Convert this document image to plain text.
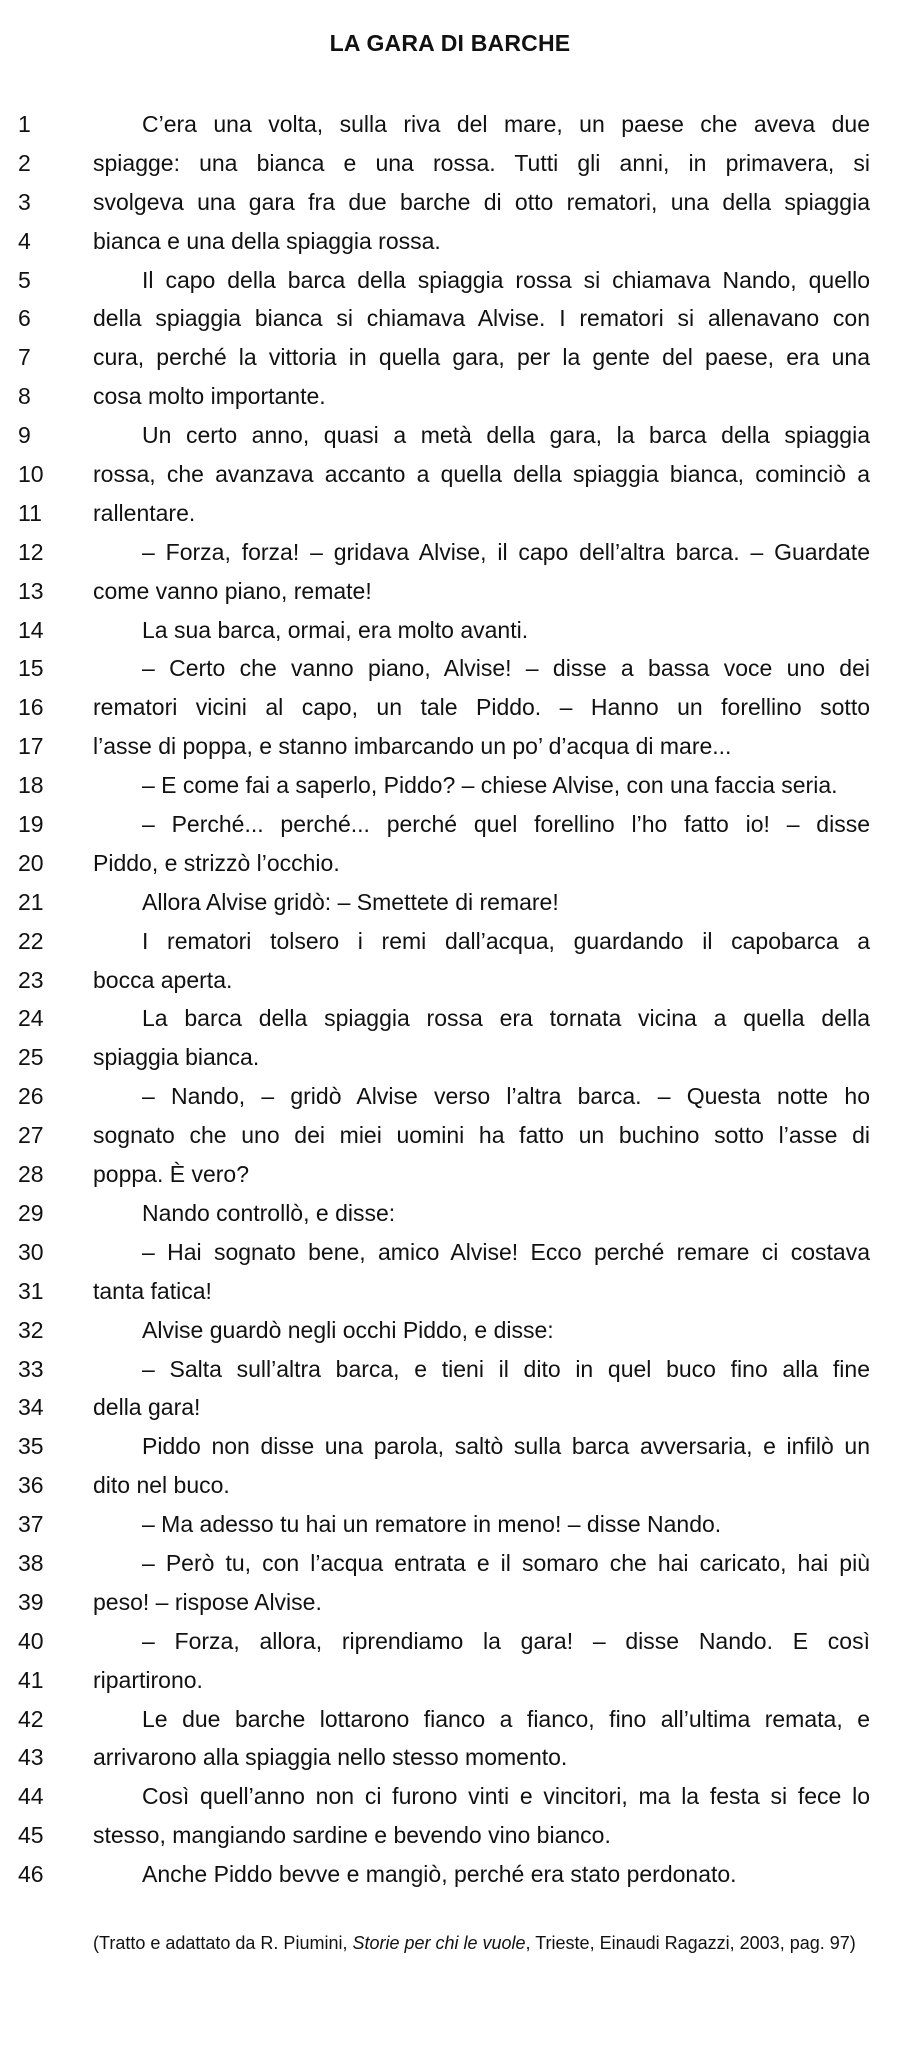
LA GARA DI BARCHE
1	C’era una volta, sulla riva del mare, un paese che aveva due
2	spiagge: una bianca e una rossa. Tutti gli anni, in primavera, si
3	svolgeva una gara fra due barche di otto rematori, una della spiaggia
4	bianca e una della spiaggia rossa.
5	Il capo della barca della spiaggia rossa si chiamava Nando, quello
6	della spiaggia bianca si chiamava Alvise. I rematori si allenavano con
7	cura, perché la vittoria in quella gara, per la gente del paese, era una
8	cosa molto importante.
9	Un certo anno, quasi a metà della gara, la barca della spiaggia
10 rossa, che avanzava accanto a quella della spiaggia bianca, cominciò a
11 rallentare.
12	– Forza, forza! – gridava Alvise, il capo dell’altra barca. – Guardate
13 come vanno piano, remate!
14	La sua barca, ormai, era molto avanti.
15	– Certo che vanno piano, Alvise! – disse a bassa voce uno dei
16 rematori vicini al capo, un tale Piddo. – Hanno un forellino sotto
17 l’asse di poppa, e stanno imbarcando un po’ d’acqua di mare...
18	– E come fai a saperlo, Piddo? – chiese Alvise, con una faccia seria.
19	– Perché... perché... perché quel forellino l’ho fatto io! – disse
20 Piddo, e strizzò l’occhio.
21	Allora Alvise gridò: – Smettete di remare!
22	I rematori tolsero i remi dall’acqua, guardando il capobarca a
23 bocca aperta.
24	La barca della spiaggia rossa era tornata vicina a quella della
25 spiaggia bianca.
26	– Nando, – gridò Alvise verso l’altra barca. – Questa notte ho
27 sognato che uno dei miei uomini ha fatto un buchino sotto l’asse di
28 poppa. È vero?
29	Nando controllò, e disse:
30	– Hai sognato bene, amico Alvise! Ecco perché remare ci costava
31 tanta fatica!
32	Alvise guardò negli occhi Piddo, e disse:
33	– Salta sull’altra barca, e tieni il dito in quel buco fino alla fine
34 della gara!
35	Piddo non disse una parola, saltò sulla barca avversaria, e infilò un
36 dito nel buco.
37	– Ma adesso tu hai un rematore in meno! – disse Nando.
38	– Però tu, con l’acqua entrata e il somaro che hai caricato, hai più
39 peso! – rispose Alvise.
40	– Forza, allora, riprendiamo la gara! – disse Nando. E così
41 ripartirono.
42	Le due barche lottarono fianco a fianco, fino all’ultima remata, e
43 arrivarono alla spiaggia nello stesso momento.
44	Così quell’anno non ci furono vinti e vincitori, ma la festa si fece lo
45 stesso, mangiando sardine e bevendo vino bianco.
46	Anche Piddo bevve e mangiò, perché era stato perdonato.
(Tratto e adattato da R. Piumini, Storie per chi le vuole, Trieste, Einaudi Ragazzi, 2003, pag. 97)
